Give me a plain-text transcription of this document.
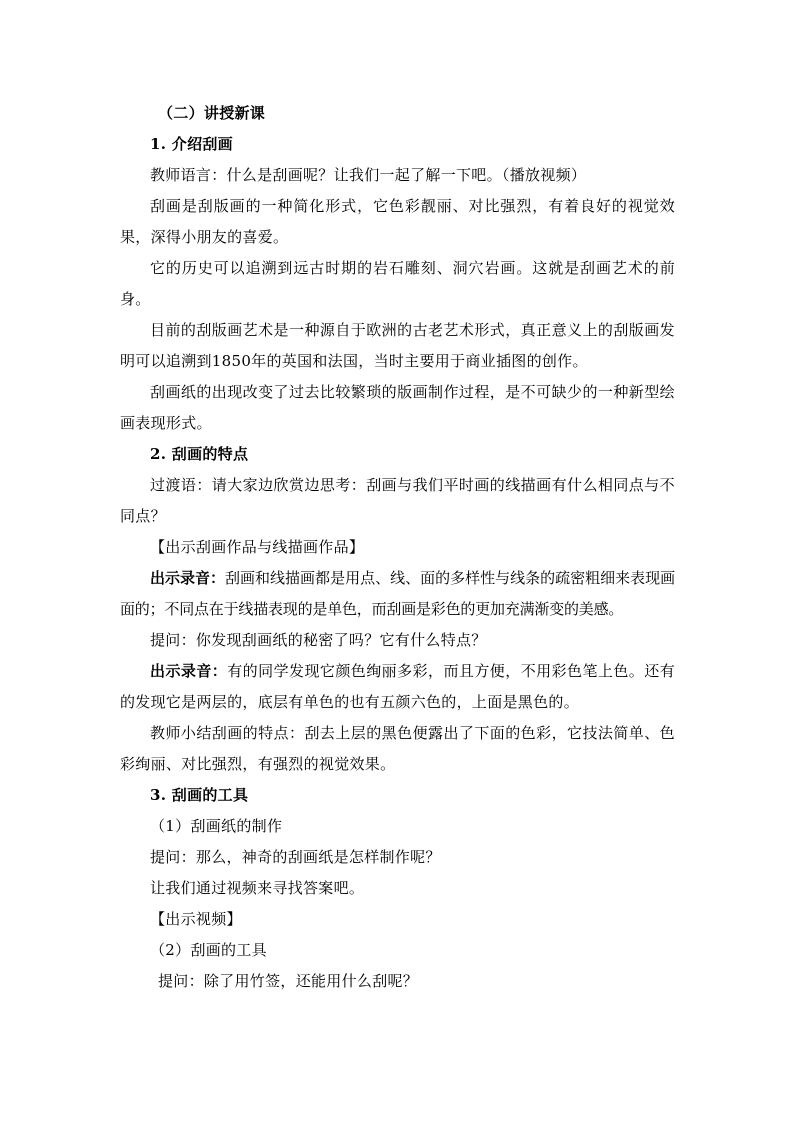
（二）讲授新课

1. 介绍刮画

教师语言：什么是刮画呢？让我们一起了解一下吧。（播放视频）

刮画是刮版画的一种简化形式，它色彩靓丽、对比强烈，有着良好的视觉效果，深得小朋友的喜爱。

它的历史可以追溯到远古时期的岩石雕刻、洞穴岩画。这就是刮画艺术的前身。

目前的刮版画艺术是一种源自于欧洲的古老艺术形式，真正意义上的刮版画发明可以追溯到1850年的英国和法国，当时主要用于商业插图的创作。

刮画纸的出现改变了过去比较繁琐的版画制作过程，是不可缺少的一种新型绘画表现形式。

2. 刮画的特点

过渡语：请大家边欣赏边思考：刮画与我们平时画的线描画有什么相同点与不同点？

【出示刮画作品与线描画作品】

出示录音：刮画和线描画都是用点、线、面的多样性与线条的疏密粗细来表现画面的；不同点在于线描表现的是单色，而刮画是彩色的更加充满渐变的美感。

提问：你发现刮画纸的秘密了吗？它有什么特点？

出示录音：有的同学发现它颜色绚丽多彩，而且方便，不用彩色笔上色。还有的发现它是两层的，底层有单色的也有五颜六色的，上面是黑色的。

教师小结刮画的特点：刮去上层的黑色便露出了下面的色彩，它技法简单、色彩绚丽、对比强烈，有强烈的视觉效果。

3. 刮画的工具

（1）刮画纸的制作

提问：那么，神奇的刮画纸是怎样制作呢？

让我们通过视频来寻找答案吧。

【出示视频】

（2）刮画的工具

提问：除了用竹签，还能用什么刮呢？
